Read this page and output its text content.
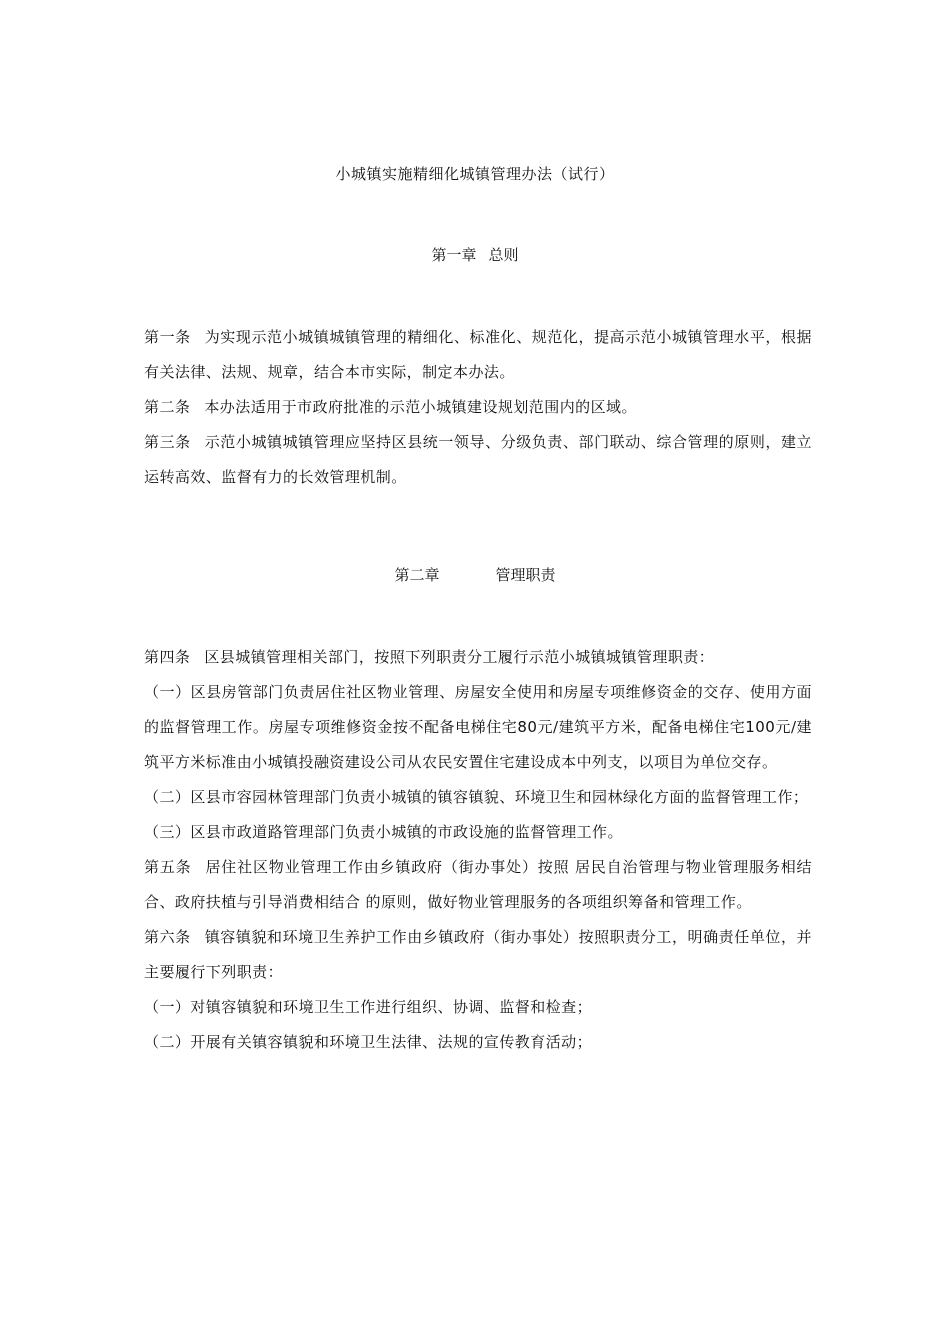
小城镇实施精细化城镇管理办法（试行）
第一章 总则

第一条 为实现示范小城镇城镇管理的精细化、标准化、规范化，提高示范小城镇管理水平，根据有关法律、法规、规章，结合本市实际，制定本办法。

第二条 本办法适用于市政府批准的示范小城镇建设规划范围内的区域。

第三条 示范小城镇城镇管理应坚持区县统一领导、分级负责、部门联动、综合管理的原则，建立运转高效、监督有力的长效管理机制。

第二章	管理职责

第四条 区县城镇管理相关部门，按照下列职责分工履行示范小城镇城镇管理职责：

（一）区县房管部门负责居住社区物业管理、房屋安全使用和房屋专项维修资金的交存、使用方面的监督管理工作。房屋专项维修资金按不配备电梯住宅80元/建筑平方米，配备电梯住宅100元/建筑平方米标准由小城镇投融资建设公司从农民安置住宅建设成本中列支，以项目为单位交存。

（二）区县市容园林管理部门负责小城镇的镇容镇貌、环境卫生和园林绿化方面的监督管理工作；

（三）区县市政道路管理部门负责小城镇的市政设施的监督管理工作。

第五条 居住社区物业管理工作由乡镇政府（街办事处）按照 居民自治管理与物业管理服务相结合、政府扶植与引导消费相结合 的原则，做好物业管理服务的各项组织筹备和管理工作。

第六条 镇容镇貌和环境卫生养护工作由乡镇政府（街办事处）按照职责分工，明确责任单位，并主要履行下列职责：

（一）对镇容镇貌和环境卫生工作进行组织、协调、监督和检查；

（二）开展有关镇容镇貌和环境卫生法律、法规的宣传教育活动；
